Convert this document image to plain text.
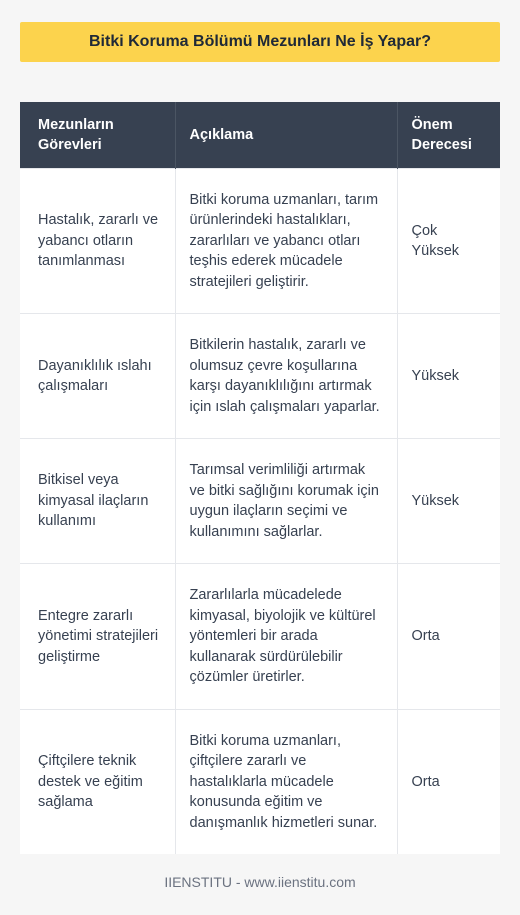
Bitki Koruma Bölümü Mezunları Ne İş Yapar?
Mezunların Görevleri	Açıklama	Önem Derecesi
Hastalık, zararlı ve yabancı otların tanımlanması	Bitki koruma uzmanları, tarım ürünlerindeki hastalıkları, zararlıları ve yabancı otları teşhis ederek mücadele stratejileri geliştirir.	Çok Yüksek
Dayanıklılık ıslahı çalışmaları	Bitkilerin hastalık, zararlı ve olumsuz çevre koşullarına karşı dayanıklılığını artırmak için ıslah çalışmaları yaparlar.	Yüksek
Bitkisel veya kimyasal ilaçların kullanımı	Tarımsal verimliliği artırmak ve bitki sağlığını korumak için uygun ilaçların seçimi ve kullanımını sağlarlar.	Yüksek
Entegre zararlı yönetimi stratejileri geliştirme	Zararlılarla mücadelede kimyasal, biyolojik ve kültürel yöntemleri bir arada kullanarak sürdürülebilir çözümler üretirler.	Orta
Çiftçilere teknik destek ve eğitim sağlama	Bitki koruma uzmanları, çiftçilere zararlı ve hastalıklarla mücadele konusunda eğitim ve danışmanlık hizmetleri sunar.	Orta
IIENSTITU - www.iienstitu.com
